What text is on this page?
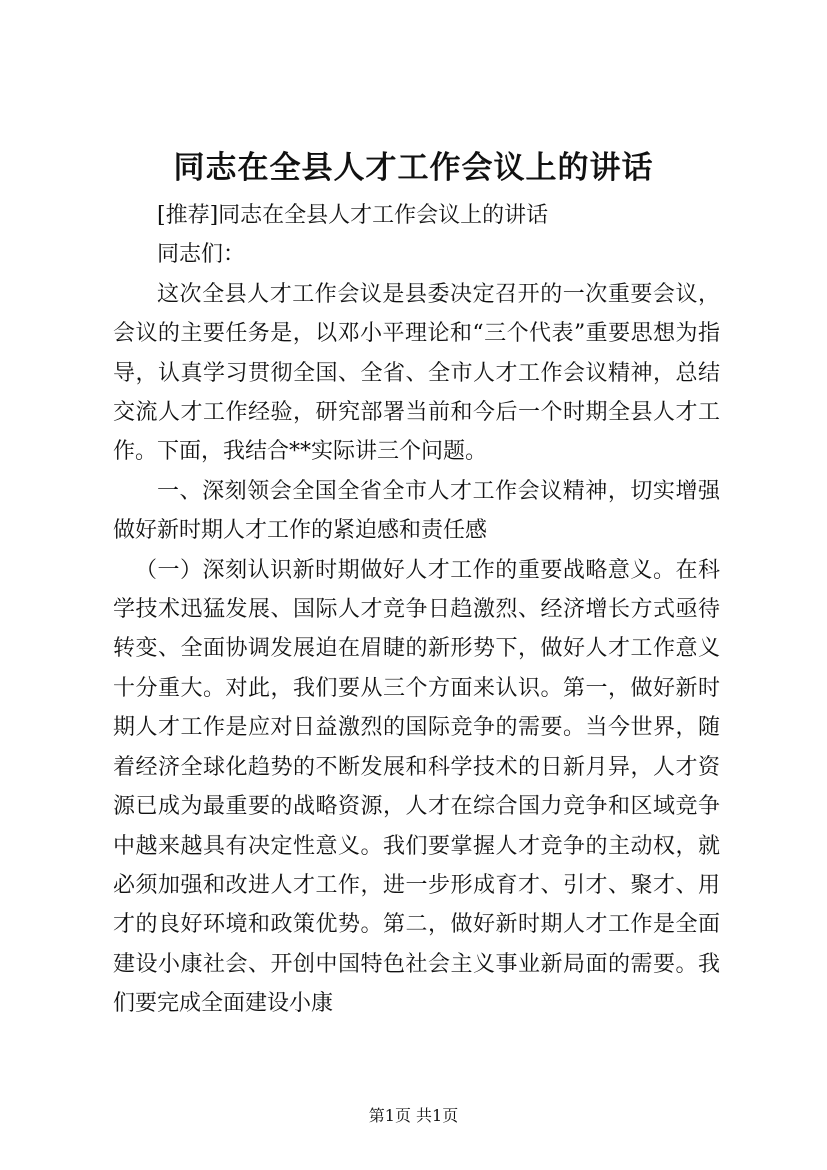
同志在全县人才工作会议上的讲话

[推荐]同志在全县人才工作会议上的讲话

同志们：

这次全县人才工作会议是县委决定召开的一次重要会议，会议的主要任务是，以邓小平理论和“三个代表”重要思想为指导，认真学习贯彻全国、全省、全市人才工作会议精神，总结交流人才工作经验，研究部署当前和今后一个时期全县人才工作。下面，我结合**实际讲三个问题。

一、深刻领会全国全省全市人才工作会议精神，切实增强做好新时期人才工作的紧迫感和责任感

（一）深刻认识新时期做好人才工作的重要战略意义。在科学技术迅猛发展、国际人才竞争日趋激烈、经济增长方式亟待转变、全面协调发展迫在眉睫的新形势下，做好人才工作意义十分重大。对此，我们要从三个方面来认识。第一，做好新时期人才工作是应对日益激烈的国际竞争的需要。当今世界，随着经济全球化趋势的不断发展和科学技术的日新月异，人才资源已成为最重要的战略资源，人才在综合国力竞争和区域竞争中越来越具有决定性意义。我们要掌握人才竞争的主动权，就必须加强和改进人才工作，进一步形成育才、引才、聚才、用才的良好环境和政策优势。第二，做好新时期人才工作是全面建设小康社会、开创中国特色社会主义事业新局面的需要。我们要完成全面建设小康

第1页 共1页
